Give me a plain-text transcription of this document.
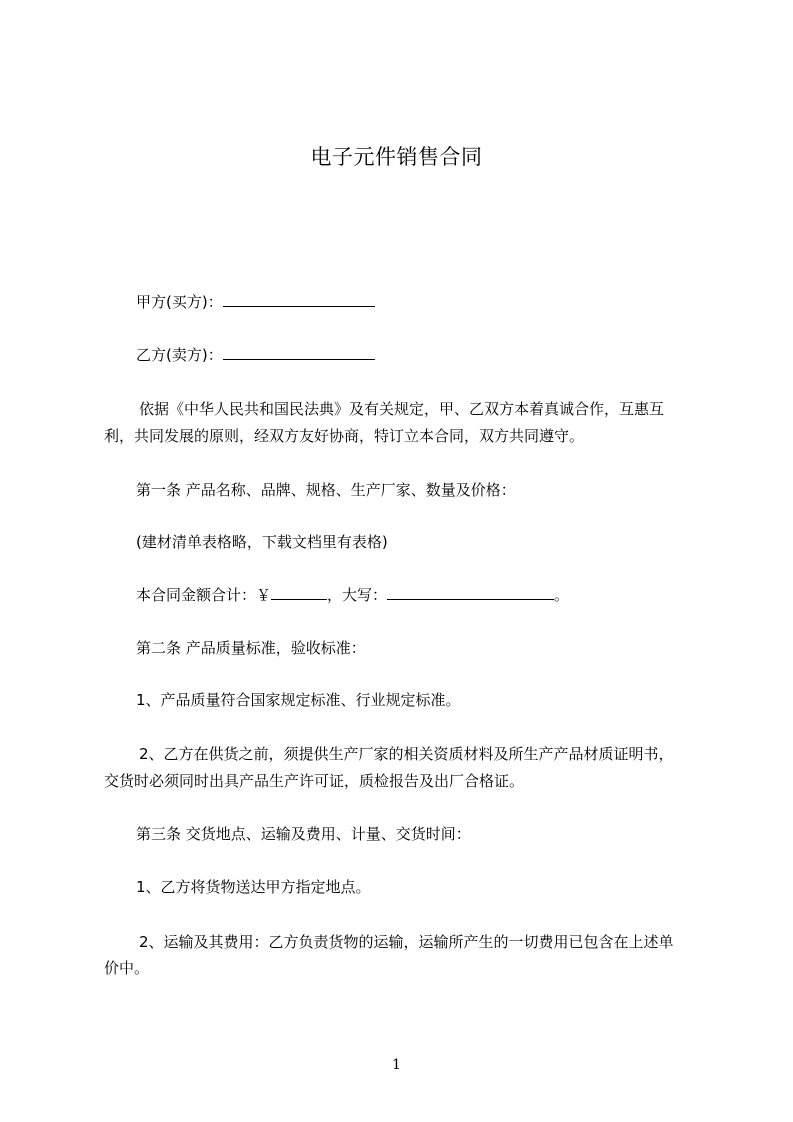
电子元件销售合同
甲方(买方)：
乙方(卖方)：
依据《中华人民共和国民法典》及有关规定，甲、乙双方本着真诚合作，互惠互
利，共同发展的原则，经双方友好协商，特订立本合同，双方共同遵守。
第一条 产品名称、品牌、规格、生产厂家、数量及价格：
(建材清单表格略，下载文档里有表格)
本合同金额合计：￥	，大写：	。
第二条 产品质量标准，验收标准：
1、产品质量符合国家规定标准、行业规定标准。
2、乙方在供货之前，须提供生产厂家的相关资质材料及所生产产品材质证明书，
交货时必须同时出具产品生产许可证，质检报告及出厂合格证。
第三条 交货地点、运输及费用、计量、交货时间：
1、乙方将货物送达甲方指定地点。
2、运输及其费用：乙方负责货物的运输，运输所产生的一切费用已包含在上述单
价中。
1
